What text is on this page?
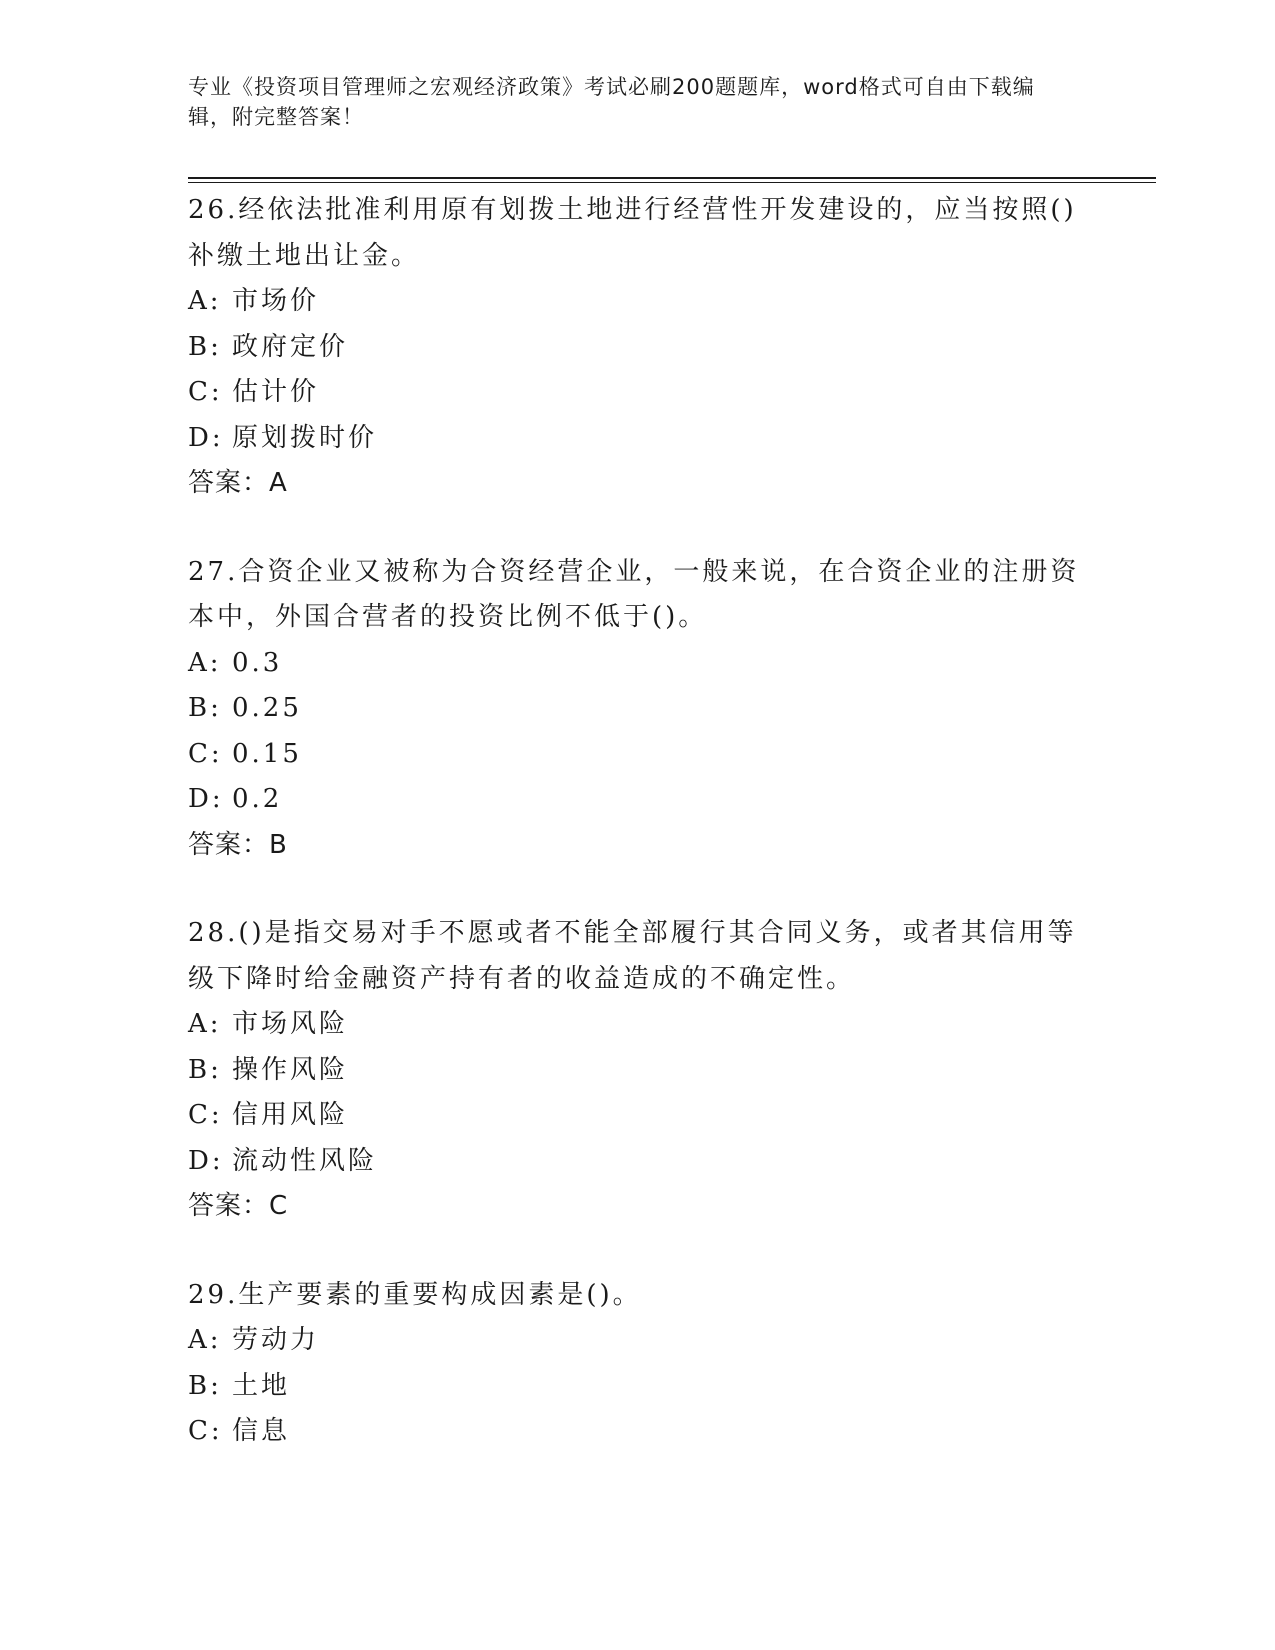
专业《投资项目管理师之宏观经济政策》考试必刷200题题库，word格式可自由下载编辑，附完整答案！

26.经依法批准利用原有划拨土地进行经营性开发建设的，应当按照()补缴土地出让金。

A: 市场价

B: 政府定价

C: 估计价

D: 原划拨时价

答案：A

27.合资企业又被称为合资经营企业，一般来说，在合资企业的注册资本中，外国合营者的投资比例不低于()。

A: 0.3

B: 0.25

C: 0.15

D: 0.2

答案：B

28.()是指交易对手不愿或者不能全部履行其合同义务，或者其信用等级下降时给金融资产持有者的收益造成的不确定性。

A: 市场风险

B: 操作风险

C: 信用风险

D: 流动性风险

答案：C

29.生产要素的重要构成因素是()。

A: 劳动力

B: 土地

C: 信息
